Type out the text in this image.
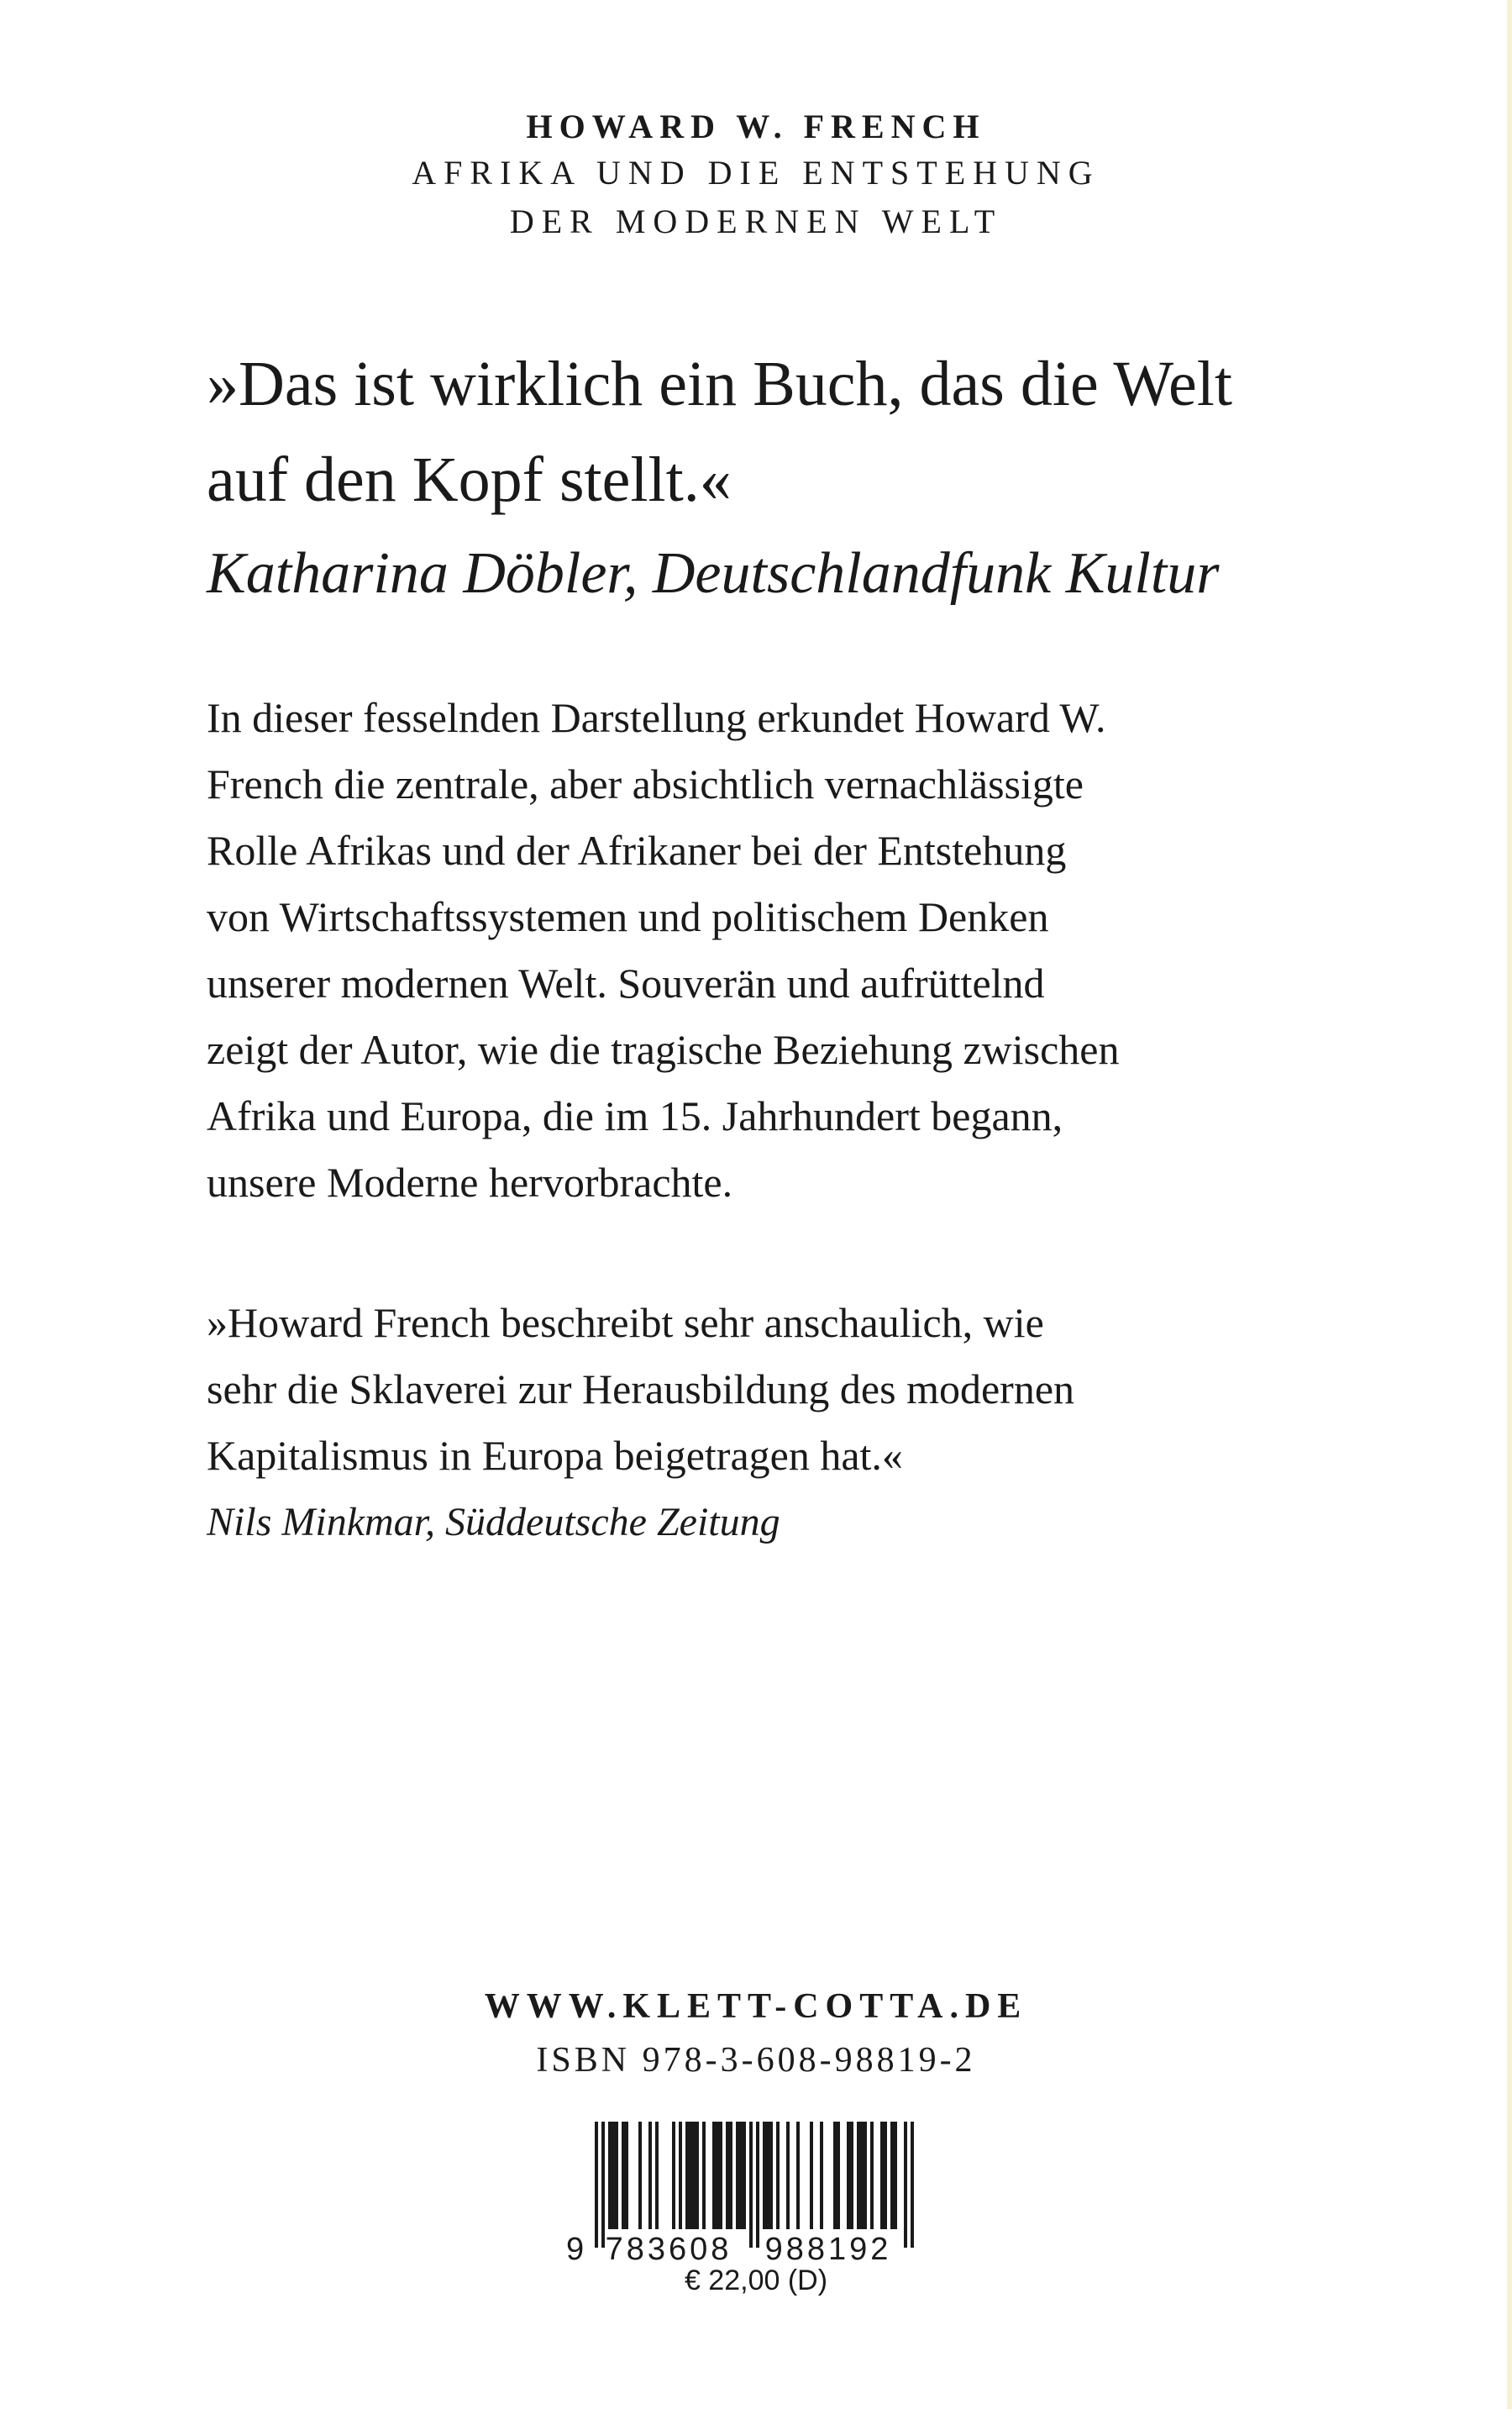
HOWARD W. FRENCH
AFRIKA UND DIE ENTSTEHUNG
DER MODERNEN WELT

»Das ist wirklich ein Buch, das die Welt

auf den Kopf stellt.«

Katharina Döbler, Deutschlandfunk Kultur

In dieser fesselnden Darstellung erkundet Howard W.
French die zentrale, aber absichtlich vernachlässigte
Rolle Afrikas und der Afrikaner bei der Entstehung
von Wirtschaftssystemen und politischem Denken
unserer modernen Welt. Souverän und aufrüttelnd
zeigt der Autor, wie die tragische Beziehung zwischen
Afrika und Europa, die im 15. Jahrhundert begann,
unsere Moderne hervorbrachte.
»Howard French beschreibt sehr anschaulich, wie
sehr die Sklaverei zur Herausbildung des modernen
Kapitalismus in Europa beigetragen hat.«
Nils Minkmar, Süddeutsche Zeitung
WWW.KLETT-COTTA.DE
ISBN 978-3-608-98819-2
9 783608 988192
€ 22,00 (D)
